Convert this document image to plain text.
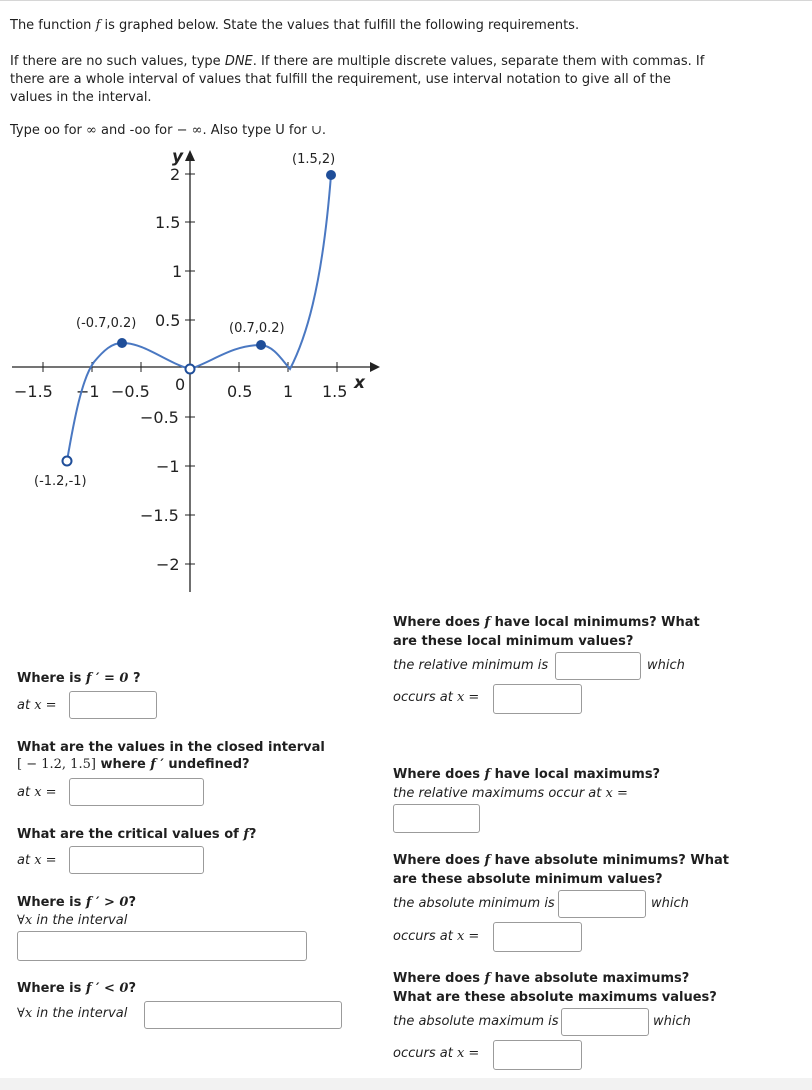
The function f is graphed below. State the values that fulfill the following requirements.
If there are no such values, type DNE. If there are multiple discrete values, separate them with commas. If
there are a whole interval of values that fulfill the requirement, use interval notation to give all of the
values in the interval.
Type oo for ∞ and -oo for − ∞. Also type U for ∪.
y
x
0
−1.5 −1 −0.5	0.5 1 1.5
2
1.5
1
0.5
−0.5
−1
−1.5
−2
(1.5,2)
(-0.7,0.2)	(0.7,0.2)
(-1.2,-1)
Where is f ′ = 0 ?
at x =
What are the values in the closed interval
[ − 1.2, 1.5] where f ′ undefined?
at x =
What are the critical values of f?
at x =
Where is f ′ > 0?
∀x in the interval
Where is f ′ < 0?
∀x in the interval
Where does f have local minimums? What
are these local minimum values?
the relative minimum is	which
occurs at x =
Where does f have local maximums?
the relative maximums occur at x =
Where does f have absolute minimums? What
are these absolute minimum values?
the absolute minimum is	which
occurs at x =
Where does f have absolute maximums?
What are these absolute maximums values?
the absolute maximum is	which
occurs at x =
